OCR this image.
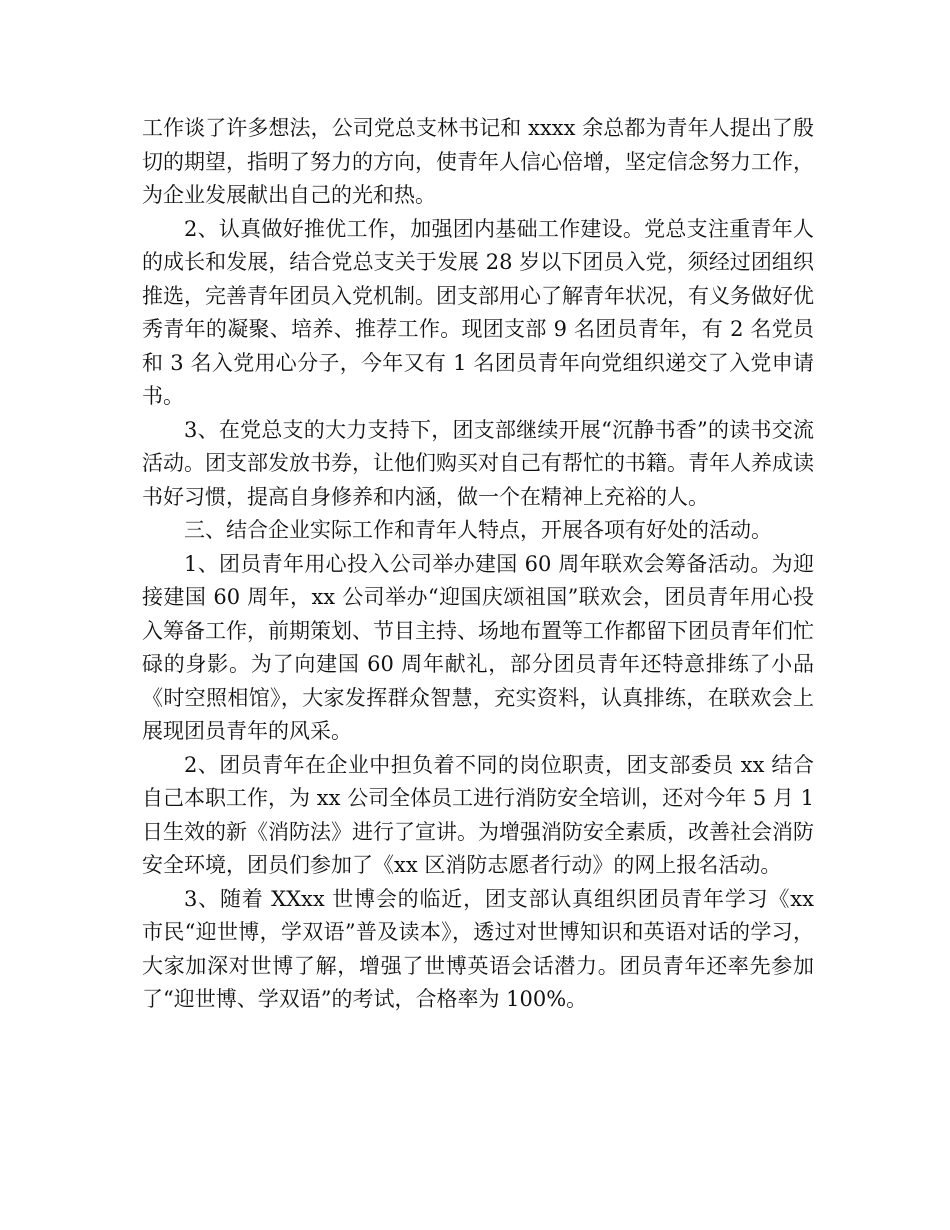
工作谈了许多想法，公司党总支林书记和 xxxx 余总都为青年人提出了殷切的期望，指明了努力的方向，使青年人信心倍增，坚定信念努力工作，为企业发展献出自己的光和热。

2、认真做好推优工作，加强团内基础工作建设。党总支注重青年人的成长和发展，结合党总支关于发展 28 岁以下团员入党，须经过团组织推选，完善青年团员入党机制。团支部用心了解青年状况，有义务做好优秀青年的凝聚、培养、推荐工作。现团支部 9 名团员青年，有 2 名党员和 3 名入党用心分子，今年又有 1 名团员青年向党组织递交了入党申请书。

3、在党总支的大力支持下，团支部继续开展“沉静书香”的读书交流活动。团支部发放书券，让他们购买对自己有帮忙的书籍。青年人养成读书好习惯，提高自身修养和内涵，做一个在精神上充裕的人。

三、结合企业实际工作和青年人特点，开展各项有好处的活动。

1、团员青年用心投入公司举办建国 60 周年联欢会筹备活动。为迎接建国 60 周年，xx 公司举办“迎国庆颂祖国”联欢会，团员青年用心投入筹备工作，前期策划、节目主持、场地布置等工作都留下团员青年们忙碌的身影。为了向建国 60 周年献礼，部分团员青年还特意排练了小品《时空照相馆》，大家发挥群众智慧，充实资料，认真排练，在联欢会上展现团员青年的风采。

2、团员青年在企业中担负着不同的岗位职责，团支部委员 xx 结合自己本职工作，为 xx 公司全体员工进行消防安全培训，还对今年 5 月 1 日生效的新《消防法》进行了宣讲。为增强消防安全素质，改善社会消防安全环境，团员们参加了《xx 区消防志愿者行动》的网上报名活动。

3、随着 XXxx 世博会的临近，团支部认真组织团员青年学习《xx 市民“迎世博，学双语”普及读本》，透过对世博知识和英语对话的学习，大家加深对世博了解，增强了世博英语会话潜力。团员青年还率先参加了“迎世博、学双语”的考试，合格率为 100%。
